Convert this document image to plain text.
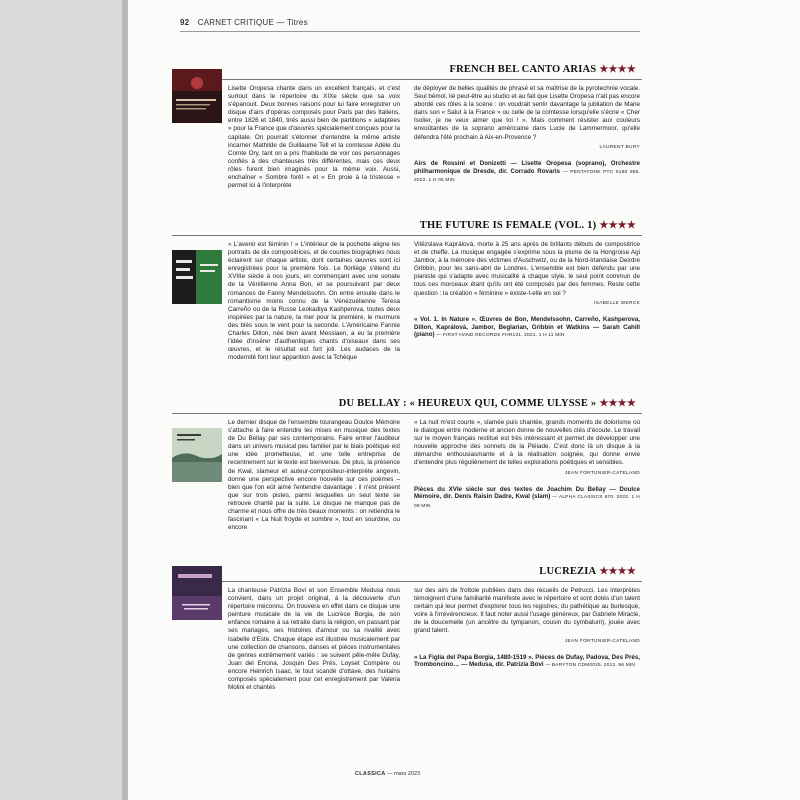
92 CARNET CRITIQUE — Titres
FRENCH BEL CANTO ARIAS ★★★★
Lisette Oropesa chante dans un excellent français, et c'est surtout dans le répertoire du XIXe siècle que sa voix s'épanouit. Deux bonnes raisons pour lui faire enregistrer un disque d'airs d'opéras composés pour Paris par des Italiens, entre 1826 et 1840, tirés aussi bien de partitions « adaptées » pour la France que d'œuvres spécialement conçues pour la capitale. On pourrait s'étonner d'entendre la même artiste incarner Mathilde de Guillaume Tell et la comtesse Adèle du Comte Ory, tant on a pris l'habitude de voir ces personnages confiés à des chanteuses très différentes, mais ces deux rôles furent bien imaginés pour la même voix. Aussi, enchaîner « Sombre forêt » et « En proie à la tristesse » permet ici à l'interprète
de déployer de belles qualités de phrasé et sa maîtrise de la pyrotechnie vocale. Seul bémol, lié peut-être au studio et au fait que Lisette Oropesa n'ait pas encore abordé ces rôles à la scène : on voudrait sentir davantage la jubilation de Marie dans son « Salut à la France » ou celle de la comtesse lorsqu'elle s'écrie « Cher Isolier, je ne veux aimer que toi ! ». Mais comment résister aux couleurs envoûtantes de la soprano américaine dans Lucie de Lammermoor, qu'elle défendra l'été prochain à Aix-en-Provence ?
LAURENT BURY
Airs de Rossini et Donizetti — Lisette Oropesa (soprano), Orchestre philharmonique de Dresde, dir. Corrado Rovaris — PENTATONE PTC 5186 955. 2022. 1 H 05 MIN
THE FUTURE IS FEMALE (VOL. 1) ★★★★
« L'avenir est féminin ! » L'intérieur de la pochette aligne les portraits de dix compositrices, et de courtes biographies nous éclairent sur chaque artiste, dont certaines œuvres sont ici enregistrées pour la première fois. Le florilège s'étend du XVIIIe siècle à nos jours, en commençant avec une sonate de la Vénitienne Anna Bon, et se poursuivant par deux romances de Fanny Mendelssohn. On entre ensuite dans le romantisme moins connu de la Vénézuélienne Teresa Carreño ou de la Russe Leokadiya Kashperova, toutes deux inspirées par la nature, la mer pour la première, le murmure des blés sous le vent pour la seconde. L'Américaine Fannie Charles Dillon, née bien avant Messiaen, a eu la première l'idée d'insérer d'authentiques chants d'oiseaux dans ses œuvres, et le résultat est fort joli. Les audaces de la modernité font leur apparition avec la Tchèque
Vitězslava Kaprálová, morte à 25 ans après de brillants débuts de compositrice et de cheffe. La musique engagée s'exprime sous la plume de la Hongroise Agi Jambor, à la mémoire des victimes d'Auschwitz, ou de la Nord-Irlandaise Deirdre Gribbin, pour les sans-abri de Londres. L'ensemble est bien défendu par une pianiste qui s'adapte avec musicalité à chaque style, le seul point commun de tous ces morceaux étant qu'ils ont été composés par des femmes. Reste cette question : la création « féminine » existe-t-elle en soi ?
ISABELLE WERCK
« Vol. 1. In Nature ». Œuvres de Bon, Mendelssohn, Carreño, Kashperova, Dillon, Kaprálová, Jambor, Beglarian, Gribbin et Watkins — Sarah Cahill (piano) — FIRST HAND RECORDS FHR131. 2021. 1 H 11 MIN
DU BELLAY : « HEUREUX QUI, COMME ULYSSE » ★★★★
Le dernier disque de l'ensemble tourangeau Doulce Mémoire s'attache à faire entendre les mises en musique des textes de Du Bellay par ses contemporains. Faire entrer l'auditeur dans un univers musical peu familier par le biais poétique est une idée prometteuse, et une telle entreprise de recentrement sur le texte est bienvenue. De plus, la présence de Kwal, slameur et auteur-compositeur-interprète angevin, donne une perspective encore nouvelle sur ces poèmes – bien que l'on eût aimé l'entendre davantage : il n'est présent que sur trois pistes, parmi lesquelles un seul texte se retrouve chanté par la suite. Le disque ne manque pas de charme et nous offre de très beaux moments : on retiendra le fascinant « La Nuit froyde et sombre », tout en sourdine, ou encore
« La nuit m'est courte », slamée puis chantée, grands moments de dolorisme où le dialogue entre moderne et ancien donne de nouvelles clés d'écoute. Le travail sur le moyen français restitué est très intéressant et permet de développer une nouvelle approche des sonnets de la Pléiade. C'est donc là un disque à la démarche enthousiasmante et à la réalisation soignée, qui donne envie d'entendre plus régulièrement de telles explorations poétiques et sensibles.
JEAN FORTUNIER-CATELAND
Pièces du XVIe siècle sur des textes de Joachim Du Bellay — Doulce Mémoire, dir. Denis Raisin Dadre, Kwal (slam) — ALPHA CLASSICS 870. 2022. 1 H 09 MIN
LUCREZIA ★★★★
La chanteuse Patrizia Bovi et son Ensemble Medusa nous convient, dans un projet original, à la découverte d'un répertoire méconnu. On trouvera en effet dans ce disque une peinture musicale de la vie de Lucrèce Borgia, de son enfance romaine à sa retraite dans la religion, en passant par ses mariages, ses histoires d'amour ou sa rivalité avec Isabelle d'Este. Chaque étape est illustrée musicalement par une collection de chansons, danses et pièces instrumentales de genres extrêmement variés : se suivent pêle-mêle Dufay, Juan del Encina, Josquin Des Prés, Loyset Compère ou encore Heinrich Isaac, le tout scandé d'ottave, des huitains composés spécialement pour cet enregistrement par Valeria Molini et chantés
sur des airs de frottole publiées dans des recueils de Petrucci. Les interprètes témoignent d'une familiarité manifeste avec le répertoire et sont dotés d'un talent certain qui leur permet d'explorer tous les registres, du pathétique au burlesque, voire à l'irrévérencieux. Il faut noter aussi l'usage généreux, par Gabriele Miracle, de la doucemelle (un ancêtre du tympanon, cousin du cymbalum), jouée avec grand talent.
JEAN FORTUNIER-CATELAND
« La Figlia del Papa Borgia, 1480-1519 ». Pièces de Dufay, Padova, Des Prés, Tromboncino… — Medusa, dir. Patrizia Bovi — BARYTON CDM0025. 2012. 56 MIN
CLASSICA — mars 2023
